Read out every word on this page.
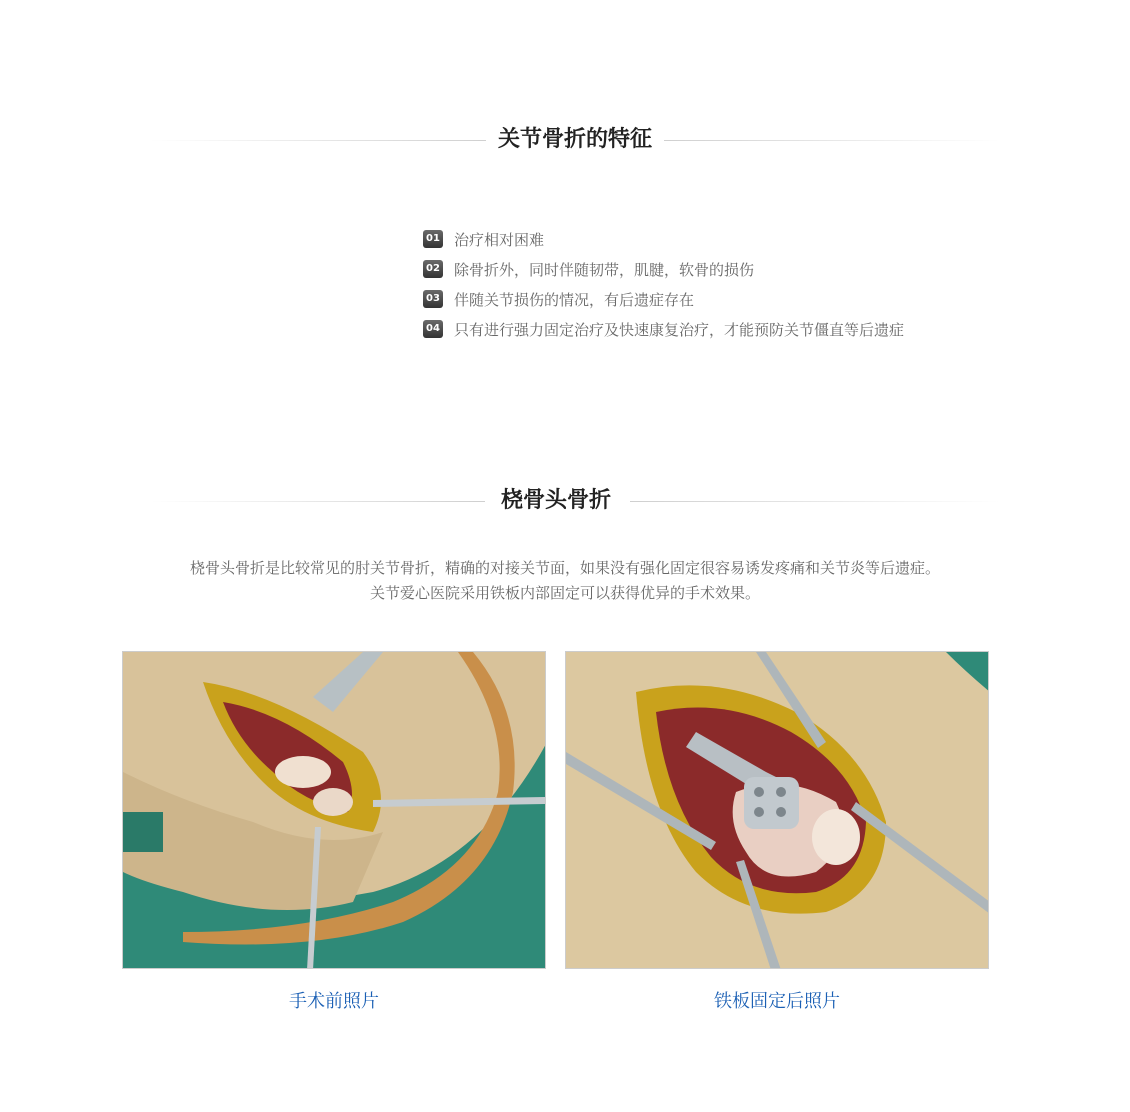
关节骨折的特征
01 治疗相对困难
02 除骨折外，同时伴随韧带，肌腱，软骨的损伤
03 伴随关节损伤的情况，有后遗症存在
04 只有进行强力固定治疗及快速康复治疗，才能预防关节僵直等后遗症
桡骨头骨折
桡骨头骨折是比较常见的肘关节骨折，精确的对接关节面，如果没有强化固定很容易诱发疼痛和关节炎等后遗症。
关节爱心医院采用铁板内部固定可以获得优异的手术效果。
手术前照片	铁板固定后照片
